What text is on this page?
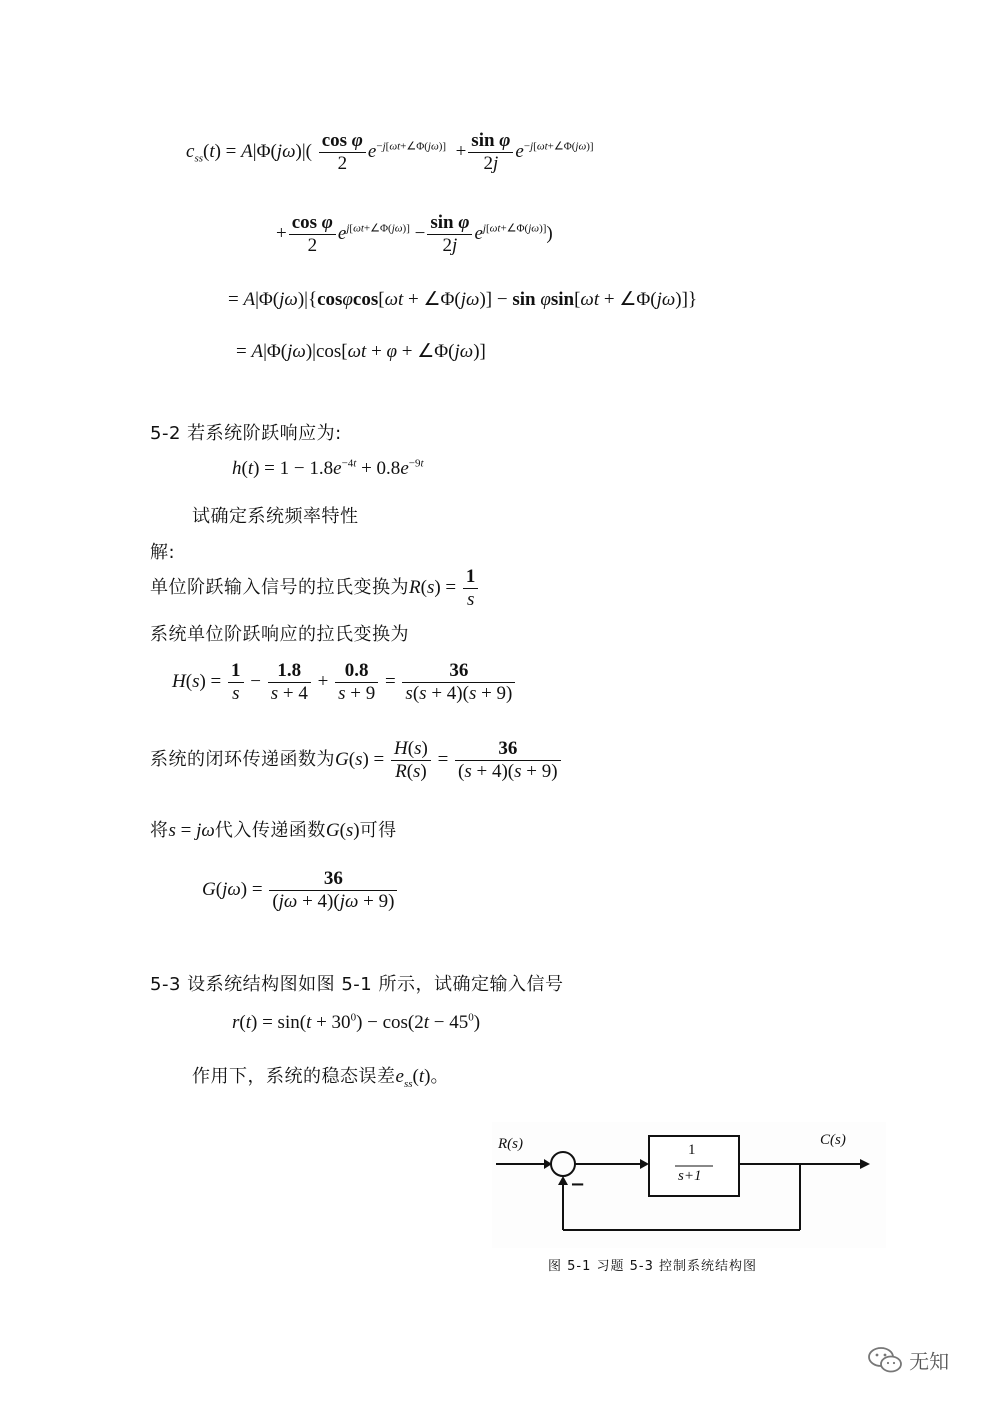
$c_{ss}(t) = A|\Phi(j\omega)|( \frac{\text{cos φ}}{2} e^{-j[\omega t+\angle\Phi(j\omega)]} + \frac{\text{sin φ}}{2j} e^{-j[\omega t+\angle\Phi(j\omega)]}$
+ $\frac{\text{cos φ}}{2} e^{j[\omega t+\angle\Phi(j\omega)]} - \frac{\text{sin φ}}{2j} e^{j[\omega t+\angle\Phi(j\omega)]}$)
= A|Φ(jω)|{cosφcos[ωt + ∠Φ(jω)] − sin φsin[ωt + ∠Φ(jω)]}
= A|Φ(jω)|cos[ωt + φ + ∠Φ(jω)]
5-2 若系统阶跃响应为:
$h(t) = 1 - 1.8e^{-4t} + 0.8e^{-9t}$
试确定系统频率特性
解:
单位阶跃输入信号的拉氏变换为$R(s) = \frac{1}{s}$
系统单位阶跃响应的拉氏变换为
$H(s) = \frac{1}{s} - \frac{1.8}{s + 4} + \frac{0.8}{s + 9} = \frac{36}{s(s + 4)(s + 9)}$
系统的闭环传递函数为$G(s) = \frac{H(s)}{R(s)} = \frac{36}{(s + 4)(s + 9)}$
将s = jω代入传递函数G(s)可得
$G(j\omega) = \frac{36}{(j\omega + 4)(j\omega + 9)}$
5-3 设系统结构图如图 5-1 所示，试确定输入信号
$r(t) = \sin(t + 30^0) - \cos(2t - 45^0)$
作用下，系统的稳态误差$e_{ss}(t)$。
R(s)	C(s)
1
s+1
−
图 5-1 习题 5-3 控制系统结构图
无知
